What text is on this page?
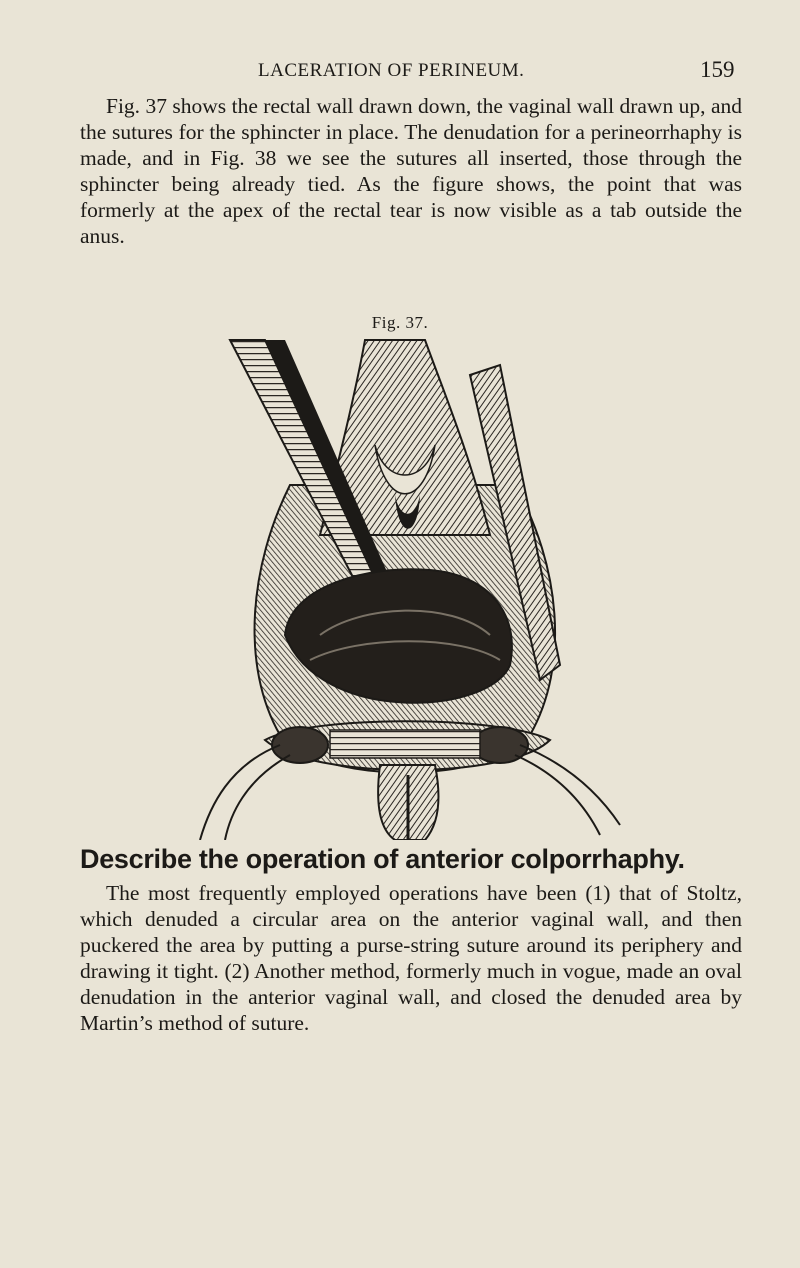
LACERATION OF PERINEUM.	159

Fig. 37 shows the rectal wall drawn down, the vaginal wall drawn up, and the sutures for the sphincter in place. The denudation for a perineorrhaphy is made, and in Fig. 38 we see the sutures all inserted, those through the sphincter being already tied. As the figure shows, the point that was formerly at the apex of the rectal tear is now visible as a tab outside the anus.

Fig. 37.
Describe the operation of anterior colporrhaphy.

The most frequently employed operations have been (1) that of Stoltz, which denuded a circular area on the anterior vaginal wall, and then puckered the area by putting a purse-string suture around its periphery and drawing it tight. (2) Another method, formerly much in vogue, made an oval denudation in the anterior vaginal wall, and closed the denuded area by Martin’s method of suture.
